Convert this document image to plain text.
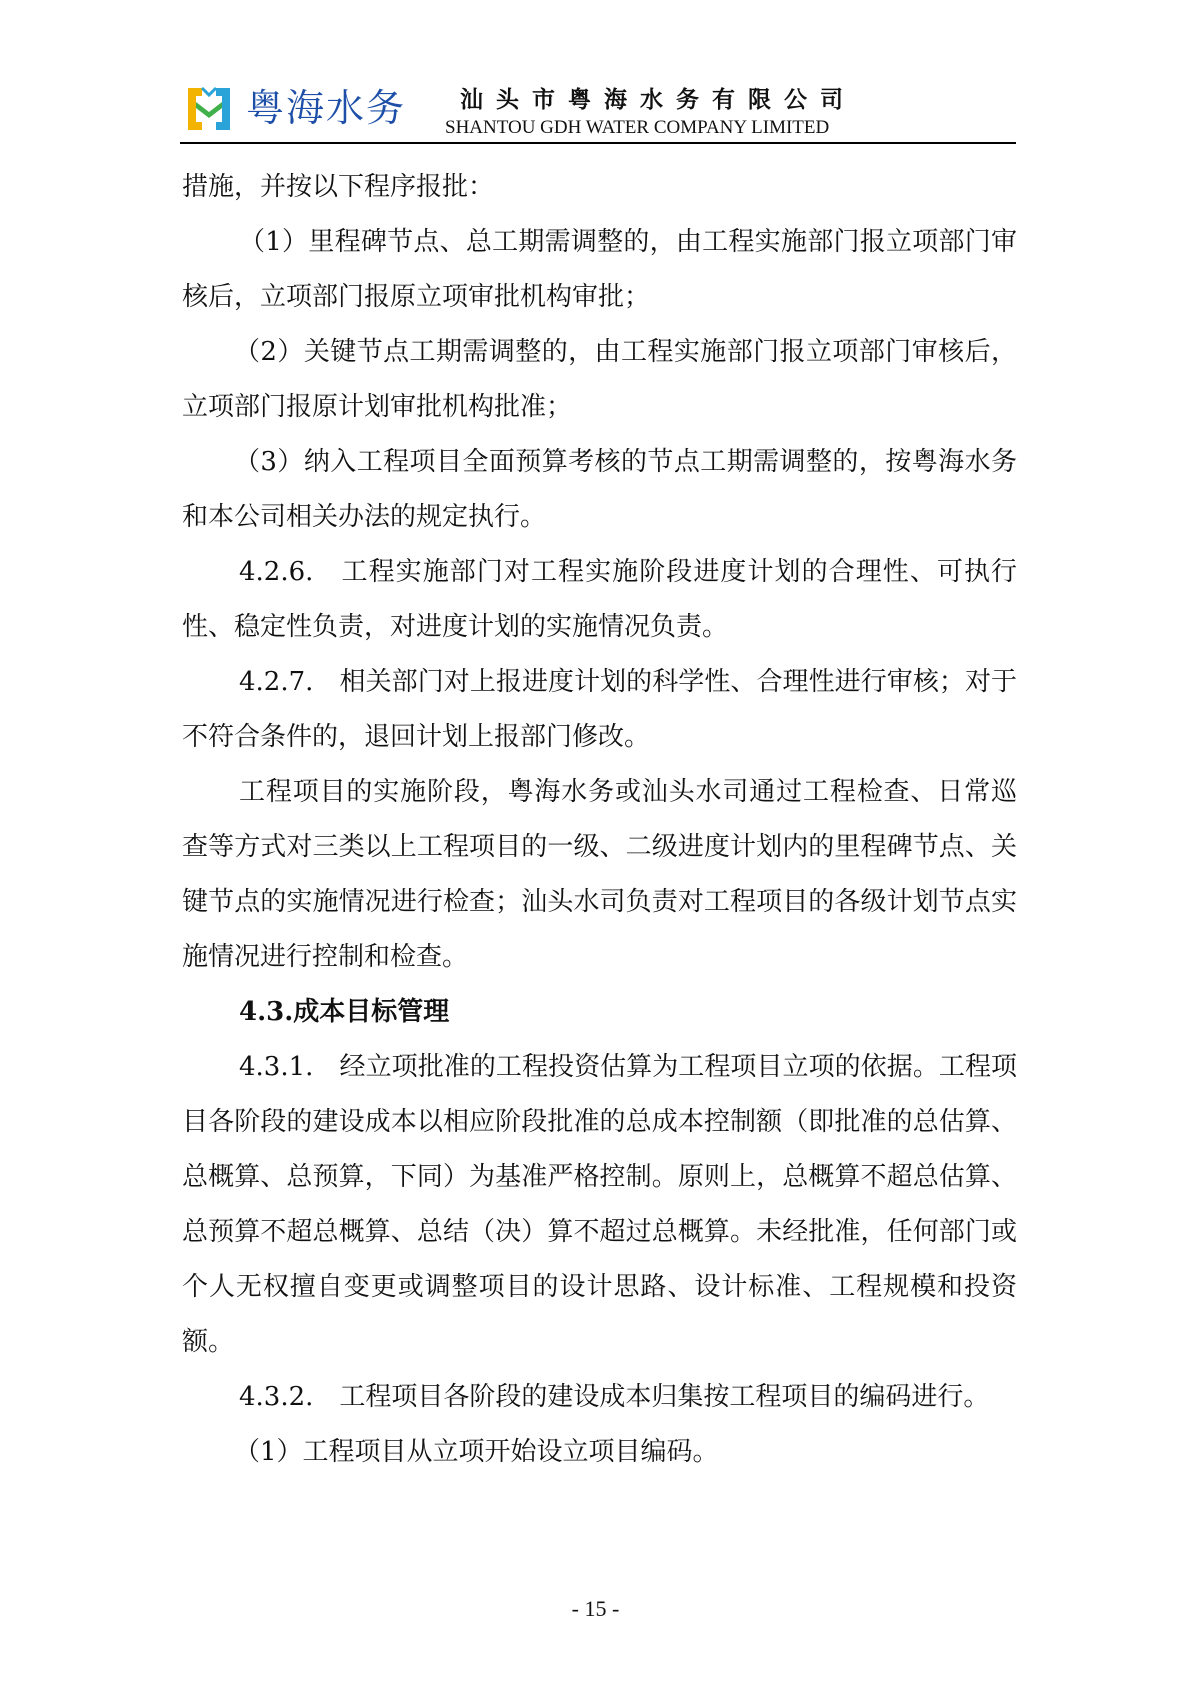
粤海水务 汕头市粤海水务有限公司
SHANTOU GDH WATER COMPANY LIMITED

措施，并按以下程序报批：

（1）里程碑节点、总工期需调整的，由工程实施部门报立项部门审核后，立项部门报原立项审批机构审批；

（2）关键节点工期需调整的，由工程实施部门报立项部门审核后，立项部门报原计划审批机构批准；

（3）纳入工程项目全面预算考核的节点工期需调整的，按粤海水务和本公司相关办法的规定执行。

4.2.6.　工程实施部门对工程实施阶段进度计划的合理性、可执行性、稳定性负责，对进度计划的实施情况负责。

4.2.7.　相关部门对上报进度计划的科学性、合理性进行审核；对于不符合条件的，退回计划上报部门修改。

工程项目的实施阶段，粤海水务或汕头水司通过工程检查、日常巡查等方式对三类以上工程项目的一级、二级进度计划内的里程碑节点、关键节点的实施情况进行检查；汕头水司负责对工程项目的各级计划节点实施情况进行控制和检查。

4.3.成本目标管理

4.3.1.　经立项批准的工程投资估算为工程项目立项的依据。工程项目各阶段的建设成本以相应阶段批准的总成本控制额（即批准的总估算、总概算、总预算，下同）为基准严格控制。原则上，总概算不超总估算、总预算不超总概算、总结（决）算不超过总概算。未经批准，任何部门或个人无权擅自变更或调整项目的设计思路、设计标准、工程规模和投资额。

4.3.2.　工程项目各阶段的建设成本归集按工程项目的编码进行。

（1）工程项目从立项开始设立项目编码。

- 15 -
